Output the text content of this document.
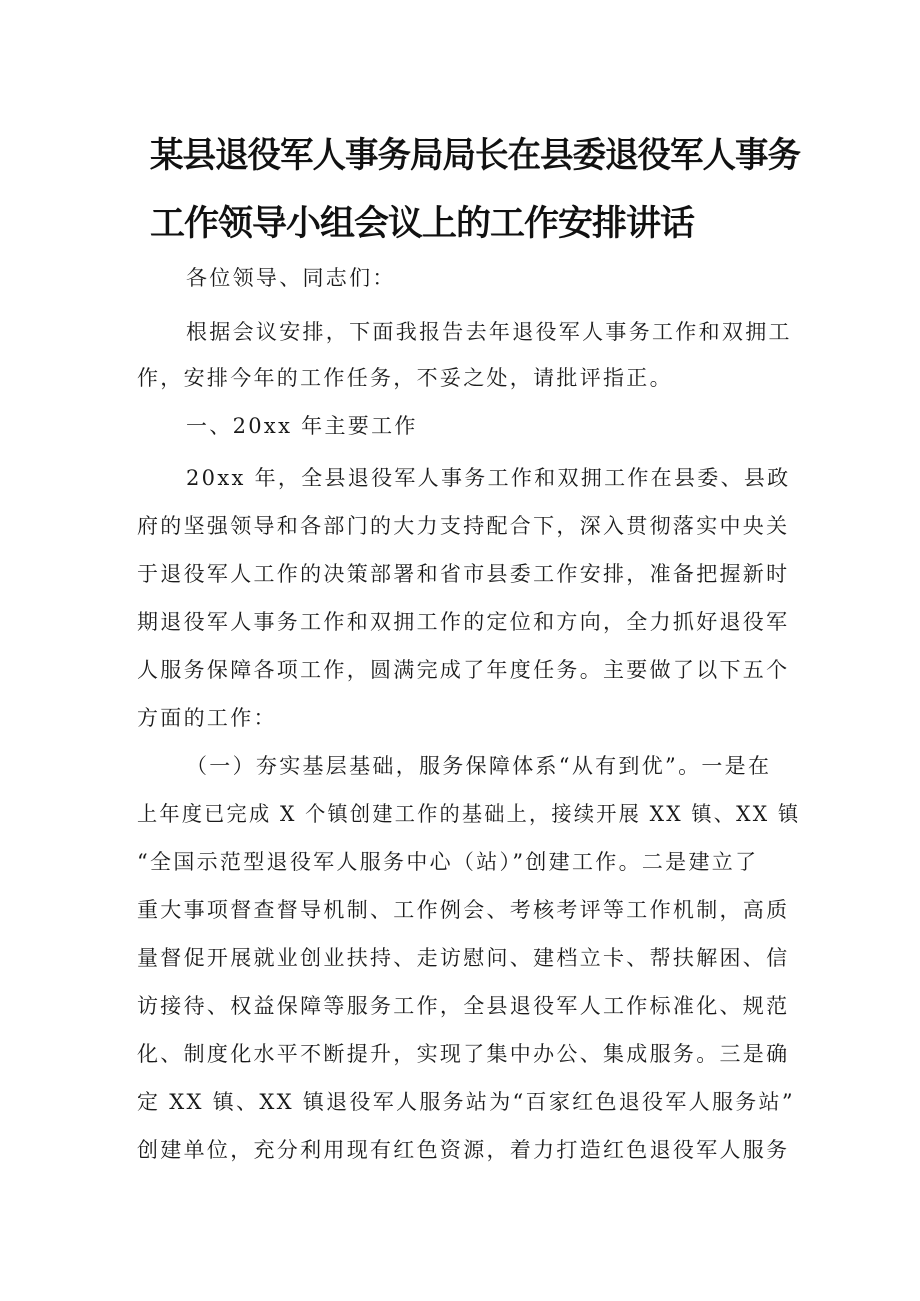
某县退役军人事务局局长在县委退役军人事务
工作领导小组会议上的工作安排讲话
各位领导、同志们：
根据会议安排，下面我报告去年退役军人事务工作和双拥工
作，安排今年的工作任务，不妥之处，请批评指正。
一、20xx 年主要工作
20xx 年，全县退役军人事务工作和双拥工作在县委、县政
府的坚强领导和各部门的大力支持配合下，深入贯彻落实中央关
于退役军人工作的决策部署和省市县委工作安排，准备把握新时
期退役军人事务工作和双拥工作的定位和方向，全力抓好退役军
人服务保障各项工作，圆满完成了年度任务。主要做了以下五个
方面的工作：
（一）夯实基层基础，服务保障体系“从有到优”。一是在
上年度已完成 X 个镇创建工作的基础上，接续开展 XX 镇、XX 镇
“全国示范型退役军人服务中心（站）”创建工作。二是建立了
重大事项督查督导机制、工作例会、考核考评等工作机制，高质
量督促开展就业创业扶持、走访慰问、建档立卡、帮扶解困、信
访接待、权益保障等服务工作，全县退役军人工作标准化、规范
化、制度化水平不断提升，实现了集中办公、集成服务。三是确
定 XX 镇、XX 镇退役军人服务站为“百家红色退役军人服务站”
创建单位，充分利用现有红色资源，着力打造红色退役军人服务
